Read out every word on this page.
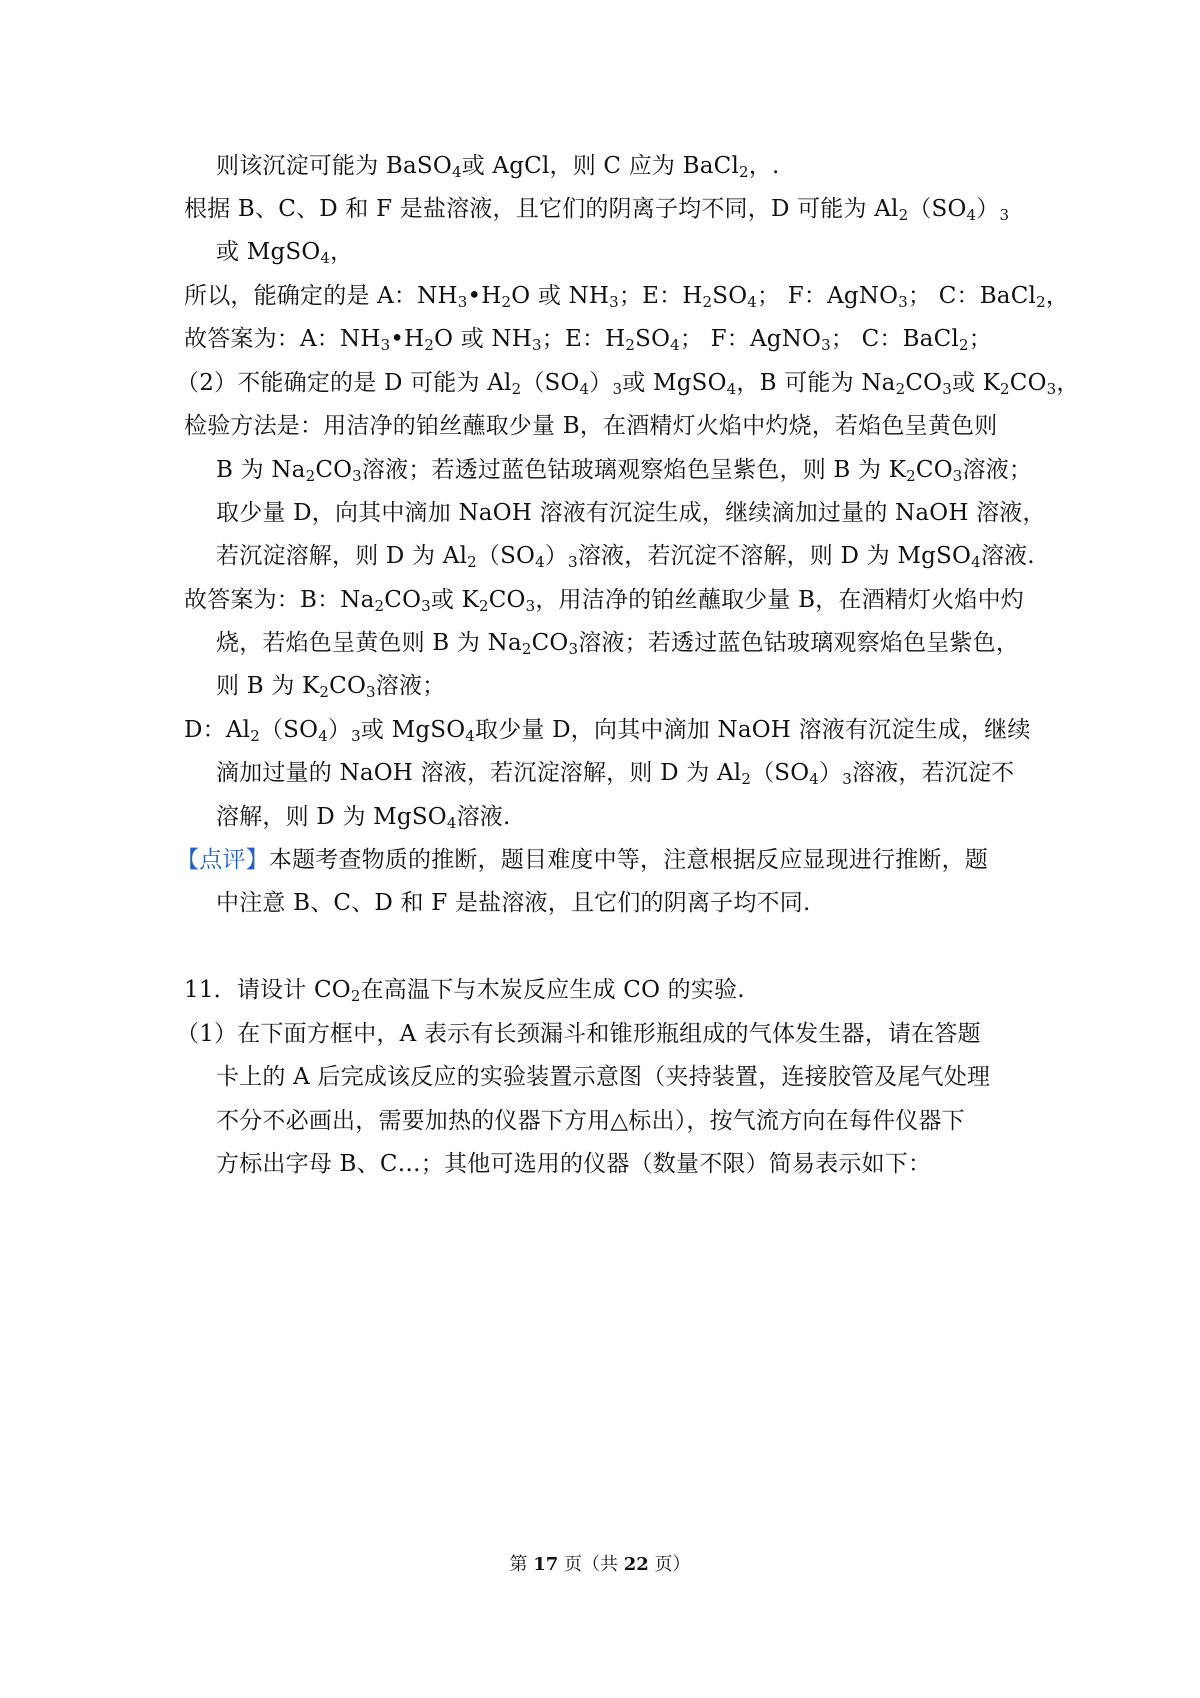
则该沉淀可能为 BaSO$_4$或 AgCl，则 C 应为 BaCl$_2$，.
根据 B、C、D 和 F 是盐溶液，且它们的阴离子均不同，D 可能为 $Al_2(SO_4)_3$
或 MgSO$_4$，
所以，能确定的是 A：$NH_3•H_2O$ 或 $NH_3$；E：$H_2SO_4$； F：AgNO$_3$； C：BaCl$_2$，
故答案为：A：$NH_3•H_2O$ 或 $NH_3$；E：$H_2SO_4$； F：AgNO$_3$； C：BaCl$_2$；
（2）不能确定的是 D 可能为 $Al_2(SO_4)_3$或 MgSO$_4$，B 可能为 $Na_2CO_3$或 $K_2CO_3$，
检验方法是：用洁净的铂丝蘸取少量 B，在酒精灯火焰中灼烧，若焰色呈黄色则
B 为 $Na_2CO_3$溶液；若透过蓝色钴玻璃观察焰色呈紫色，则 B 为 $K_2CO_3$溶液；
取少量 D，向其中滴加 NaOH 溶液有沉淀生成，继续滴加过量的 NaOH 溶液，
若沉淀溶解，则 D 为 $Al_2(SO_4)_3$溶液，若沉淀不溶解，则 D 为 MgSO$_4$溶液.
故答案为：B：$Na_2CO_3$或 $K_2CO_3$，用洁净的铂丝蘸取少量 B，在酒精灯火焰中灼
烧，若焰色呈黄色则 B 为 $Na_2CO_3$溶液；若透过蓝色钴玻璃观察焰色呈紫色，
则 B 为 $K_2CO_3$溶液；
D：$Al_2(SO_4)_3$或 MgSO$_4$取少量 D，向其中滴加 NaOH 溶液有沉淀生成，继续
滴加过量的 NaOH 溶液，若沉淀溶解，则 D 为 $Al_2(SO_4)_3$溶液，若沉淀不
溶解，则 D 为 MgSO$_4$溶液.
【点评】本题考查物质的推断，题目难度中等，注意根据反应显现进行推断，题
中注意 B、C、D 和 F 是盐溶液，且它们的阴离子均不同.
11．请设计 $CO_2$在高温下与木炭反应生成 CO 的实验.
（1）在下面方框中，A 表示有长颈漏斗和锥形瓶组成的气体发生器，请在答题
卡上的 A 后完成该反应的实验装置示意图（夹持装置，连接胶管及尾气处理
不分不必画出，需要加热的仪器下方用△标出），按气流方向在每件仪器下
方标出字母 B、C…；其他可选用的仪器（数量不限）简易表示如下：
第 17 页（共 22 页）
